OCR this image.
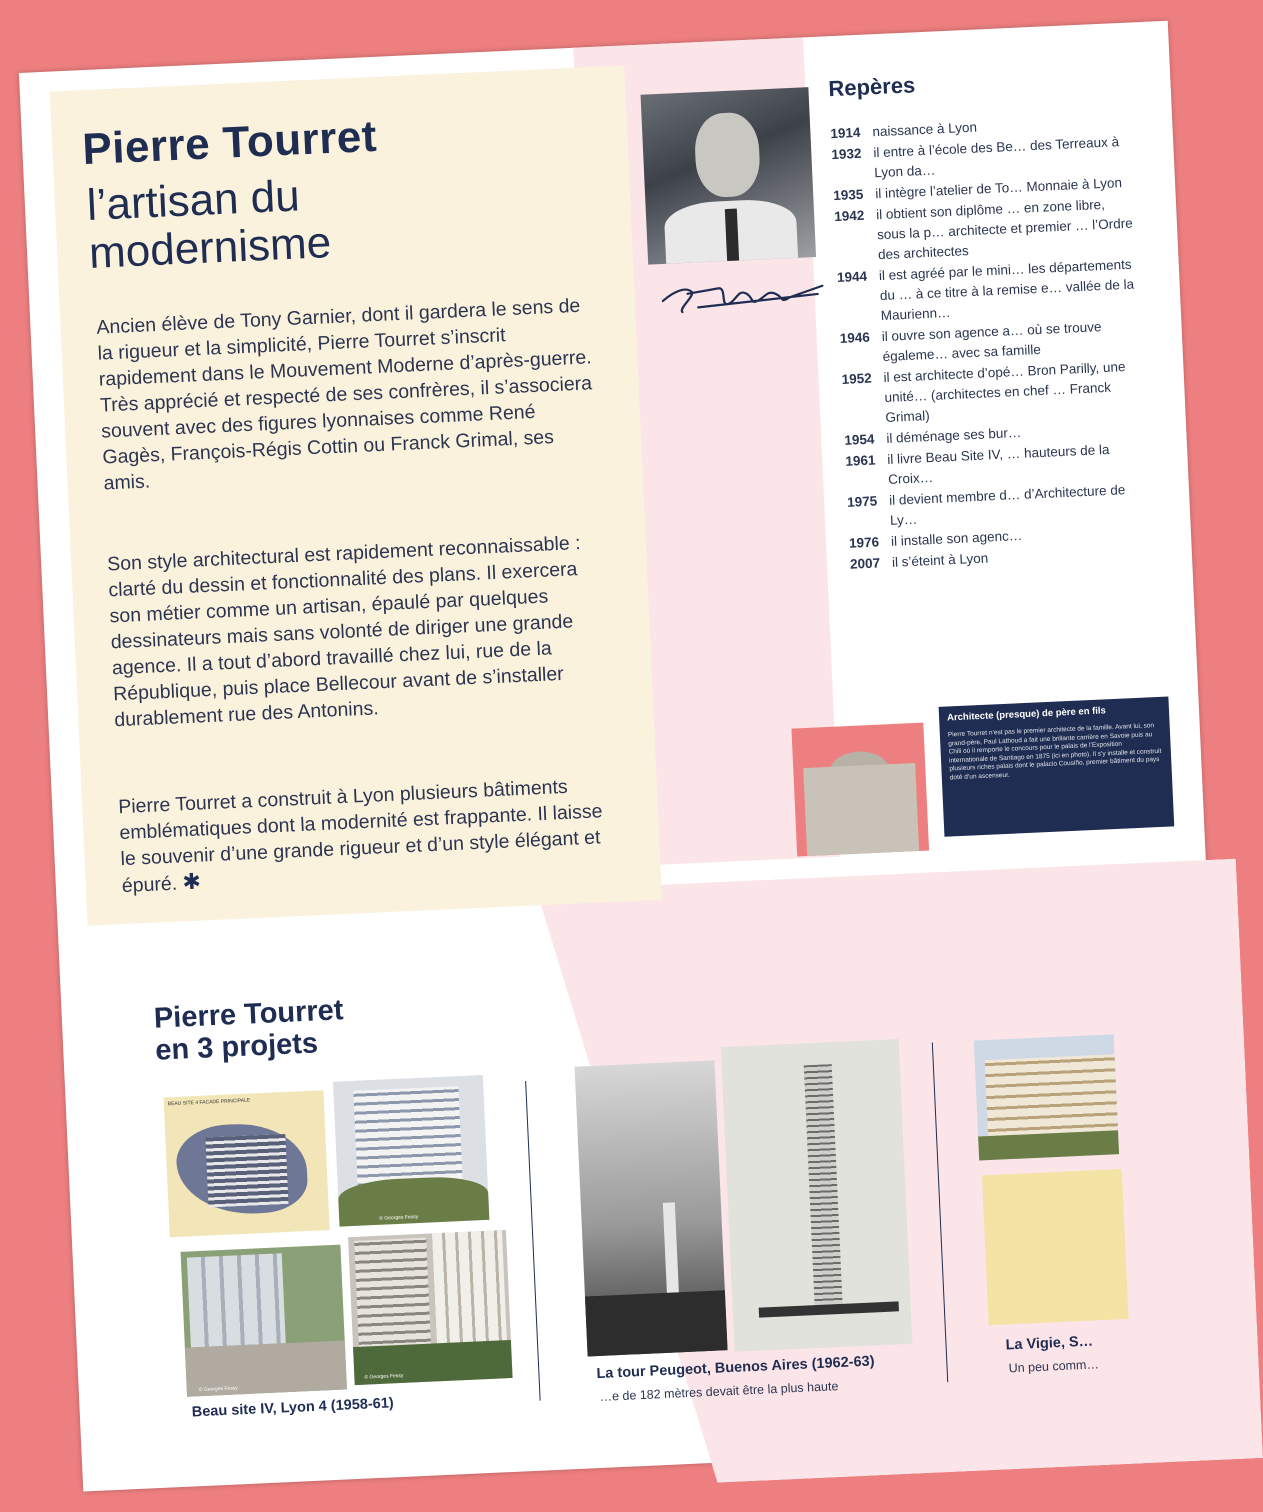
Pierre Tourret
l’artisan du modernisme
Ancien élève de Tony Garnier, dont il gardera le sens de la rigueur et la simplicité, Pierre Tourret s’inscrit rapidement dans le Mouvement Moderne d’après-guerre. Très apprécié et respecté de ses confrères, il s’associera souvent avec des figures lyonnaises comme René Gagès, François-Régis Cottin ou Franck Grimal, ses amis.
Son style architectural est rapidement reconnaissable : clarté du dessin et fonctionnalité des plans. Il exercera son métier comme un artisan, épaulé par quelques dessinateurs mais sans volonté de diriger une grande agence. Il a tout d’abord travaillé chez lui, rue de la République, puis place Bellecour avant de s’installer durablement rue des Antonins.
Pierre Tourret a construit à Lyon plusieurs bâtiments emblématiques dont la modernité est frappante. Il laisse le souvenir d’une grande rigueur et d’un style élégant et épuré. ✱
Repères
1914 naissance à Lyon
1932 il entre à l’école des Be… des Terreaux à Lyon da…
1935 il intègre l’atelier de To… Monnaie à Lyon
1942 il obtient son diplôme … en zone libre, sous la p… architecte et premier … l’Ordre des architectes
1944 il est agréé par le mini… les départements du … à ce titre à la remise e… vallée de la Maurienn…
1946 il ouvre son agence a… où se trouve égaleme… avec sa famille
1952 il est architecte d’opé… Bron Parilly, une unité… (architectes en chef … Franck Grimal)
1954 il déménage ses bur…
1961 il livre Beau Site IV, … hauteurs de la Croix…
1975 il devient membre d… d’Architecture de Ly…
1976 il installe son agenc…
2007 il s’éteint à Lyon
Architecte (presque) de père en fils
Pierre Tourret n’est pas le premier architecte de la famille. Avant lui, son grand-père, Paul Lathoud a fait une brillante carrière en Savoie puis au Chili où il remporte le concours pour le palais de l’Exposition internationale de Santiago en 1875 (ici en photo). Il s’y installe et construit plusieurs riches palais dont le palacio Cousiño, premier bâtiment du pays doté d’un ascenseur.
Pierre Tourret
en 3 projets
BEAU SITE 4 FACADE PRINCIPALE
© Georges Fessy
© Georges Fessy
© Georges Fessy
Beau site IV, Lyon 4 (1958-61)
La tour Peugeot, Buenos Aires (1962-63)
…e de 182 mètres devait être la plus haute
La Vigie, S…
Un peu comm…
